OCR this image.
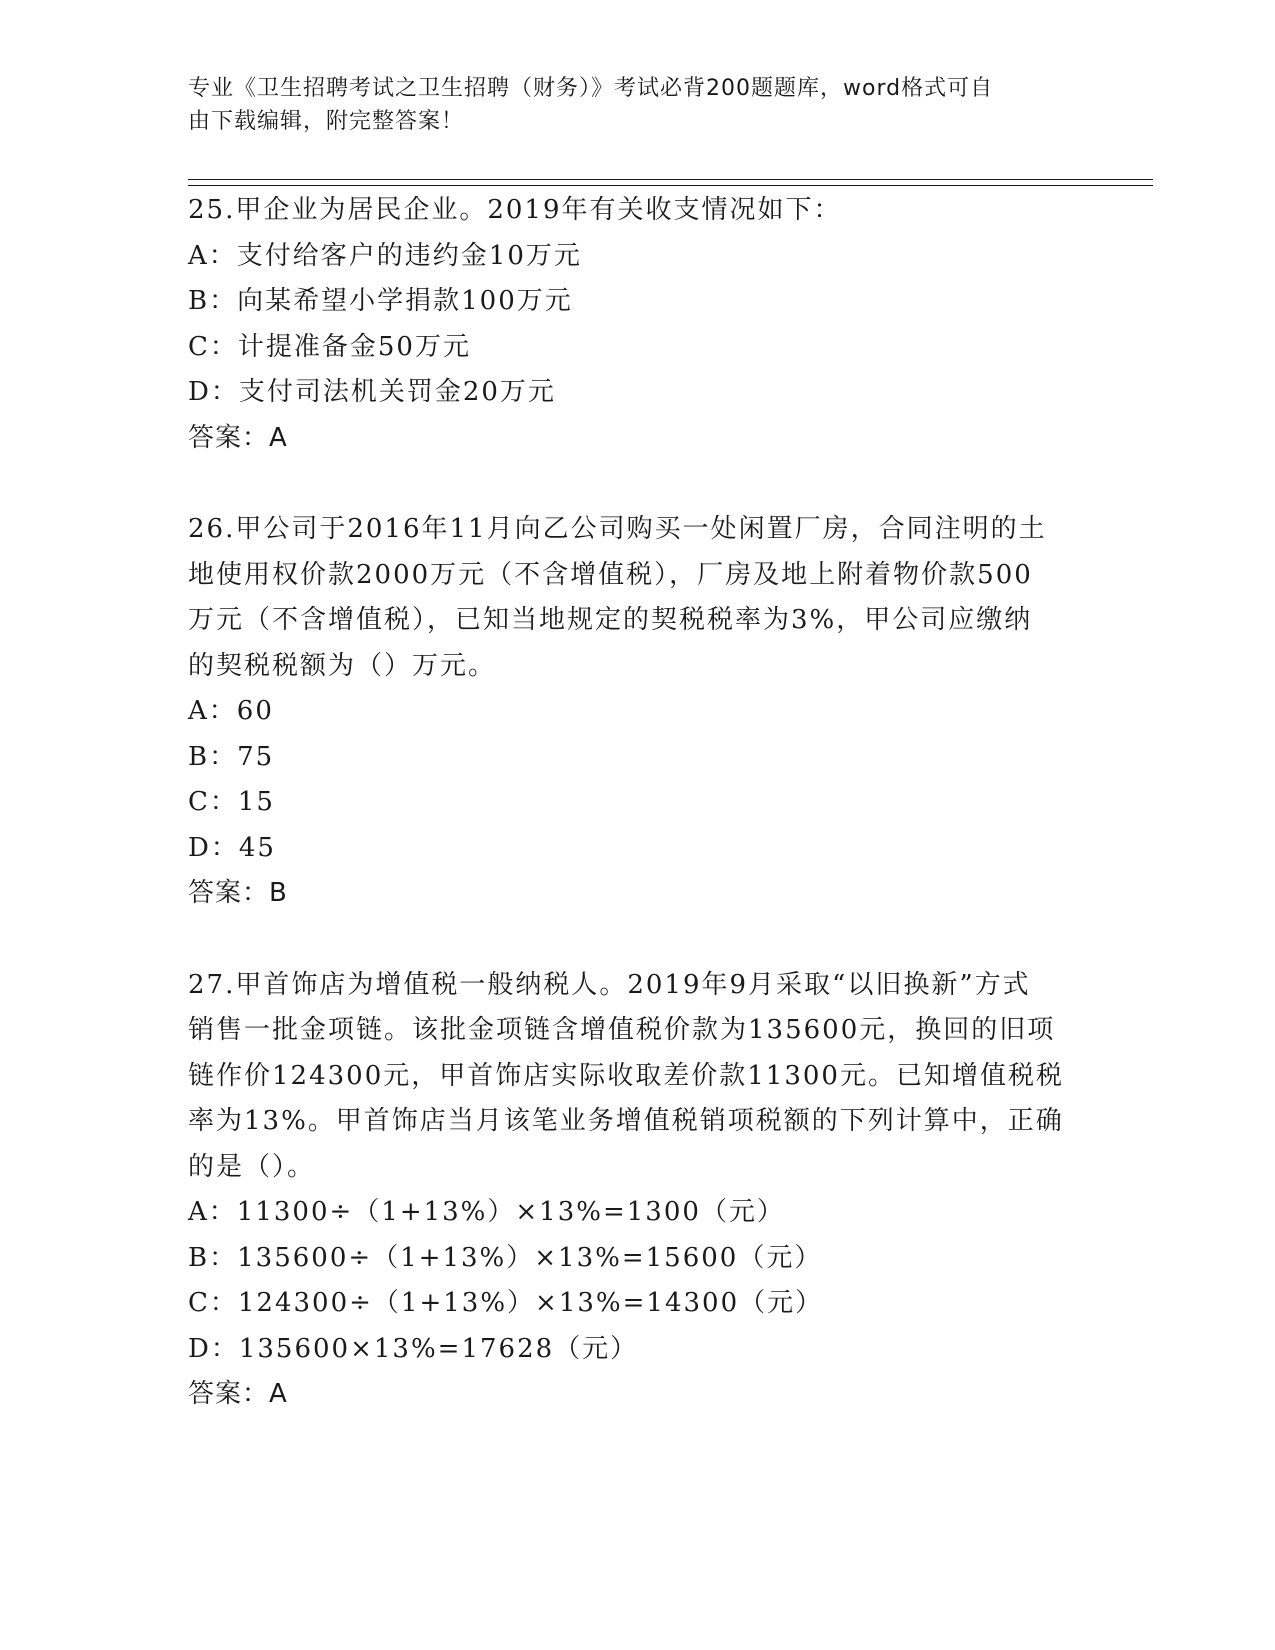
专业《卫生招聘考试之卫生招聘（财务）》考试必背200题题库，word格式可自
由下载编辑，附完整答案！
25.甲企业为居民企业。2019年有关收支情况如下：
A：支付给客户的违约金10万元
B：向某希望小学捐款100万元
C：计提准备金50万元
D：支付司法机关罚金20万元
答案：A
26.甲公司于2016年11月向乙公司购买一处闲置厂房，合同注明的土
地使用权价款2000万元（不含增值税），厂房及地上附着物价款500
万元（不含增值税），已知当地规定的契税税率为3%，甲公司应缴纳
的契税税额为（）万元。
A：60
B：75
C：15
D：45
答案：B
27.甲首饰店为增值税一般纳税人。2019年9月采取“以旧换新”方式
销售一批金项链。该批金项链含增值税价款为135600元，换回的旧项
链作价124300元，甲首饰店实际收取差价款11300元。已知增值税税
率为13%。甲首饰店当月该笔业务增值税销项税额的下列计算中，正确
的是（）。
A：11300÷（1+13%）×13%=1300（元）
B：135600÷（1+13%）×13%=15600（元）
C：124300÷（1+13%）×13%=14300（元）
D：135600×13%=17628（元）
答案：A
